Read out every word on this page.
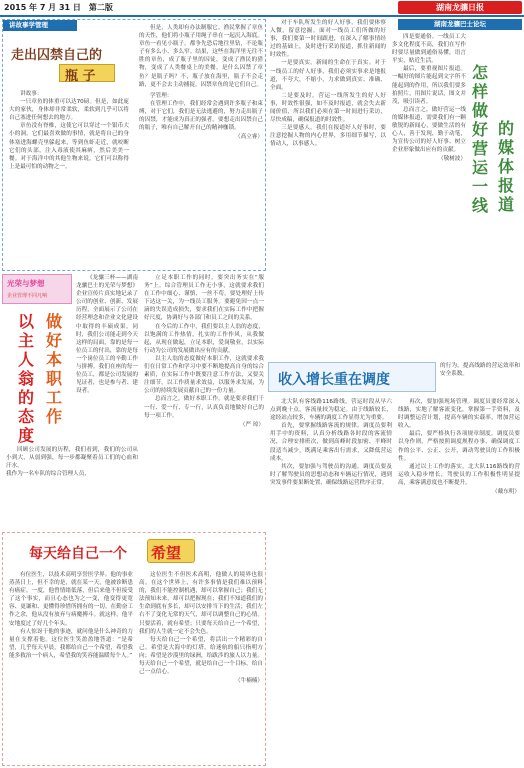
2015 年 7 月 31 日　第二版	湖南龙骧日报
讲故事学管理
走出囚禁自己的
瓶 子

讲故事：

一只章鱼的体重可以达70磅。但是，如此庞大的家伙，身体却非常柔软，柔软到几乎可以将自己塞进任何想去的地方。

章鱼没有脊椎，这使它可以穿过一个银币大小的洞。它们最喜欢做的事情，就是将自己的身体塞进海螺壳里躲起来，等到鱼虾走近，就咬断它们的头部，注入毒液使其麻痹，然后美美一餐。对于海洋中的其他生物来说，它们可以称得上是最可怕的动物之一。

但是，人类却有办法制服它。渔民掌握了章鱼的天性，他们将小瓶子用绳子串在一起沉入海底。章鱼一看见小瓶子，都争先恐后地往里钻，不论瓶子有多么小、多么窄。结果，这些在海洋里无往不胜的章鱼，成了瓶子里的囚徒，变成了渔民的猎物，变成了人类餐桌上的美餐。是什么囚禁了章鱼？是瓶子吗？不，瓶子放在海里，瓶子不会走路，更不会去主动捕捉。囚禁章鱼的是它们自己。

学管理：

在管理工作中，我们经常会遇到许多瓶子和束缚，对于它们，我们是无法逃避的，努力走出瓶子的囚禁，才能成为真正的强者。要想走出囚禁自己的瓶子，唯有自己解开自己的精神枷锁。

（高立睿）

光荣与梦想
企业管理不同凡响
以主人翁的态度
做好本职工作

《龙骧三杯——湖南龙骧巴士的光荣与梦想》企业宣传片真实地记录了公司的创业、创新、发展历程，全面展示了公司在经营理念和企业文化建设中取得的丰硕成果，同时，我们公司能走到今天这样的局面，靠的是每一位员工的付出，靠的是每一个岗位员工的辛勤工作与拼搏。我们在座的每一位员工，都是公司发展的见证者，也是参与者、建设者。

回顾公司发展的历程，我们看到，我们的公司从小到大，从弱到强，每一步都凝聚着员工们的心血和汗水。

我作为一名车队的综合管理人员，

立足本职工作的同时，要突出务实在“服务”上。综合管理员工作无小事，这就要求我们在工作中细心、谨慎、一丝不苟，要处理好上传下达这一关，为一线员工服务。要避免因一点一滴的失误造成损失，要求我们在实际工作中把握好尺度，协调好与各部门和员工之间的关系。

在今后的工作中，我们要以主人翁的态度，以饱满的工作热情，扎实的工作作风，从我做起，从现在做起，立足本职，爱岗敬业，以实际行动为公司的发展做出应有的贡献。

以主人翁的态度做好本职工作，这就要求我们在日常工作和学习中要不断地提高自身的综合素质，在实际工作中既要注意工作方法，又要关注细节，以工作质量求效益，以服务求发展，为公司的持续发展贡献自己的一份力量。

总而言之，做好本职工作，就是要求我们干一行、爱一行、专一行，认真负责地做好自己的每一项工作。

（严 琼）

每天给自己一个 希望

有位医生，以技术高明享誉医学界。他的事业蒸蒸日上，但不幸的是，就在某一天，他被诊断患有癌症。一度，他曾情绪低落，但后来他不但接受了这个事实，而且心态也为之一变，他变得更宽容、更谦和、更懂得珍惜所拥有的一切。在勤奋工作之余，他从没有放弃与病魔搏斗。就这样，他平安地度过了好几个年头。

有人惊讶于他的事迹，就问他是什么神奇的力量在支撑着他。这位医生笑盈盈地答道：“是希望，几乎每天早晨，我都给自己一个希望，希望我能多救治一个病人，希望我的笑容能温暖每个人。”

这位医生不但医术高明，他做人的境界也很高。在这个世界上，有许多事情是我们难以预料的，我们不能控制机遇，却可以掌握自己；我们无法预知未来，却可以把握现在；我们不知道我们的生命到底有多长，却可以安排当下的生活；我们左右不了变化无常的天气，却可以调整自己的心情。只要活着，就有希望；只要每天给自己一个希望，我们的人生就一定不会失色。

每天给自己一个希望，将活出一个精彩的自己。希望是大海中的灯塔，给迷航的船只指明方向；希望是沙漠里的绿洲，给跋涉的旅人以力量。每天给自己一个希望，就是给自己一个目标，给自己一点信心。

（牛楠楠）

湖南龙骧巴士论坛

对于车队所发生的好人好事，我们要体察入微，留意挖掘。面对一线员工们所做的好事，我们要第一时间跟进，在深入了解事情经过的基础上，及时进行采访报道，抓住新闻的时效性。

一是要真实。新闻的生命在于真实。对于一线员工的好人好事，我们必须实事求是地报道，不夸大，不缩小，力求做到真实、准确、全面。

二是要及时。营运一线所发生的好人好事，时效性很强，如不及时报道，就会失去新闻价值，所以我们必须在第一时间进行采访，尽快成稿，确保报道的时效性。

三是要感人。我们在报道好人好事时，要注意挖掘人物的内心世界，多用细节描写，以情动人，以事感人。

四是要通俗。一线员工大多文化程度不高，我们在写作时要尽量做到通俗易懂，语言平实，贴近生活。

最后，要重视图片报道。一幅好的图片能起到文字所不能起到的作用，所以我们要多拍照片，用图片说话，图文并茂，吸引读者。

总而言之，做好营运一线的媒体报道，需要我们有一颗敏锐的新闻心，要做生活的有心人，善于发现，勤于动笔，为宣传公司的好人好事、树立企业形象做出应有的贡献。

（敬树波）

怎样做好营运一线
的媒体报道
收入增长重在调度

的行为，提高线路的营运效率和安全系数。

北大队有客线路116路线，营运时段从早六点到晚十点，客流量较为稳定。由于线路较长，途经站点较多，车辆的调度工作显得尤为重要。

首先，要掌握线路客流的规律。调度员要利用手中的资料，认真分析线路各时段的客流情况，合理安排班次，做到高峰时段加密、平峰时段适当减少，既满足乘客出行需求，又降低营运成本。

其次，要加强与驾驶员的沟通。调度员要及时了解驾驶员的思想动态和车辆运行情况，遇到突发事件要果断处置，确保线路运营秩序正常。

再次，要加强现场管理。调度员要经常深入线路，实地了解客流变化，掌握第一手资料，及时调整运营计划，提高车辆的实载率，增加营运收入。

最后，要严格执行各项规章制度。调度员要以身作则，严格按照调度规程办事，确保调度工作的公平、公正、公开，调动驾驶员的工作积极性。

通过以上工作的落实，北大队116路线的营运收入稳步增长，驾驶员的工作积极性明显提高，乘客满意度也不断提升。

（戴东明）
